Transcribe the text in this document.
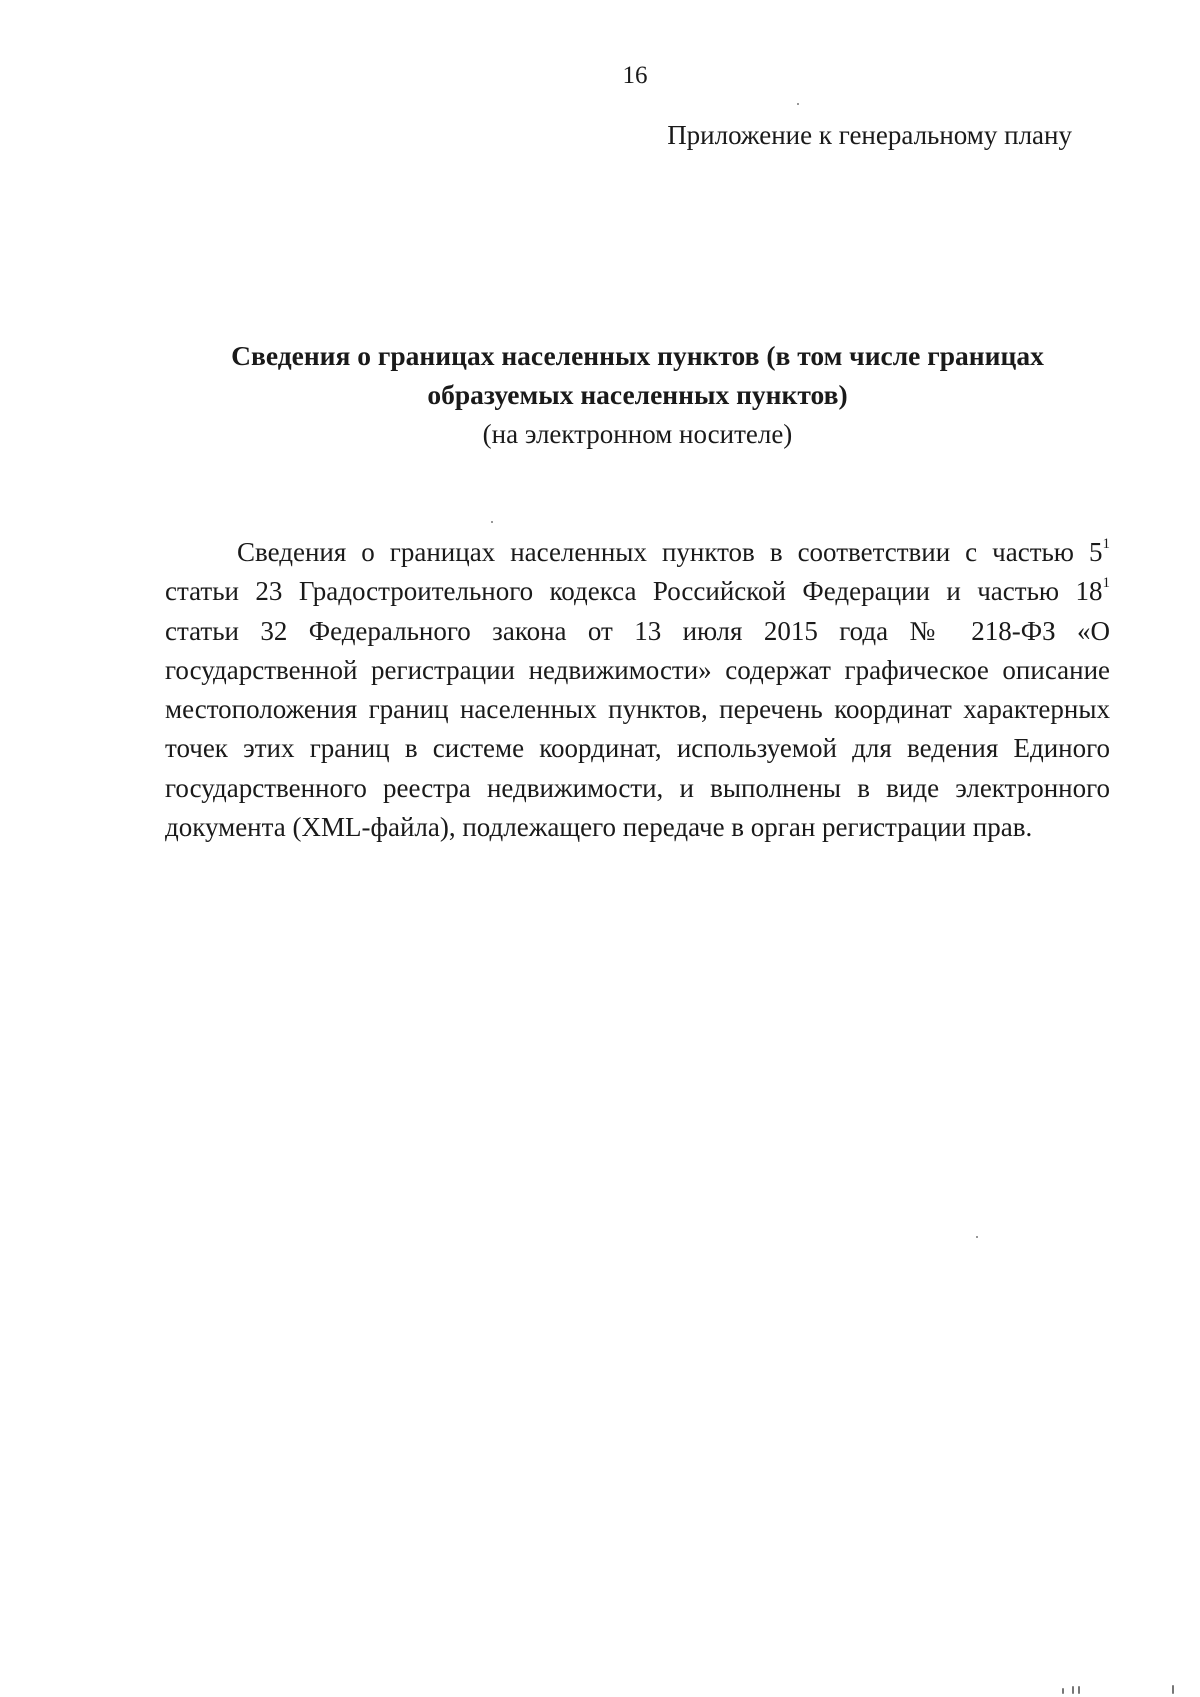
16
Приложение к генеральному плану

Сведения о границах населенных пунктов (в том числе границах
образуемых населенных пунктов)

(на электронном носителе)

Сведения о границах населенных пунктов в соответствии с частью $5^1$ статьи 23 Градостроительного кодекса Российской Федерации и частью $18^1$ статьи 32 Федерального закона от 13 июля 2015 года № 218-ФЗ «О государственной регистрации недвижимости» содержат графическое описание местоположения границ населенных пунктов, перечень координат характерных точек этих границ в системе координат, используемой для ведения Единого государственного реестра недвижимости, и выполнены в виде электронного документа (XML-файла), подлежащего передаче в орган регистрации прав.
